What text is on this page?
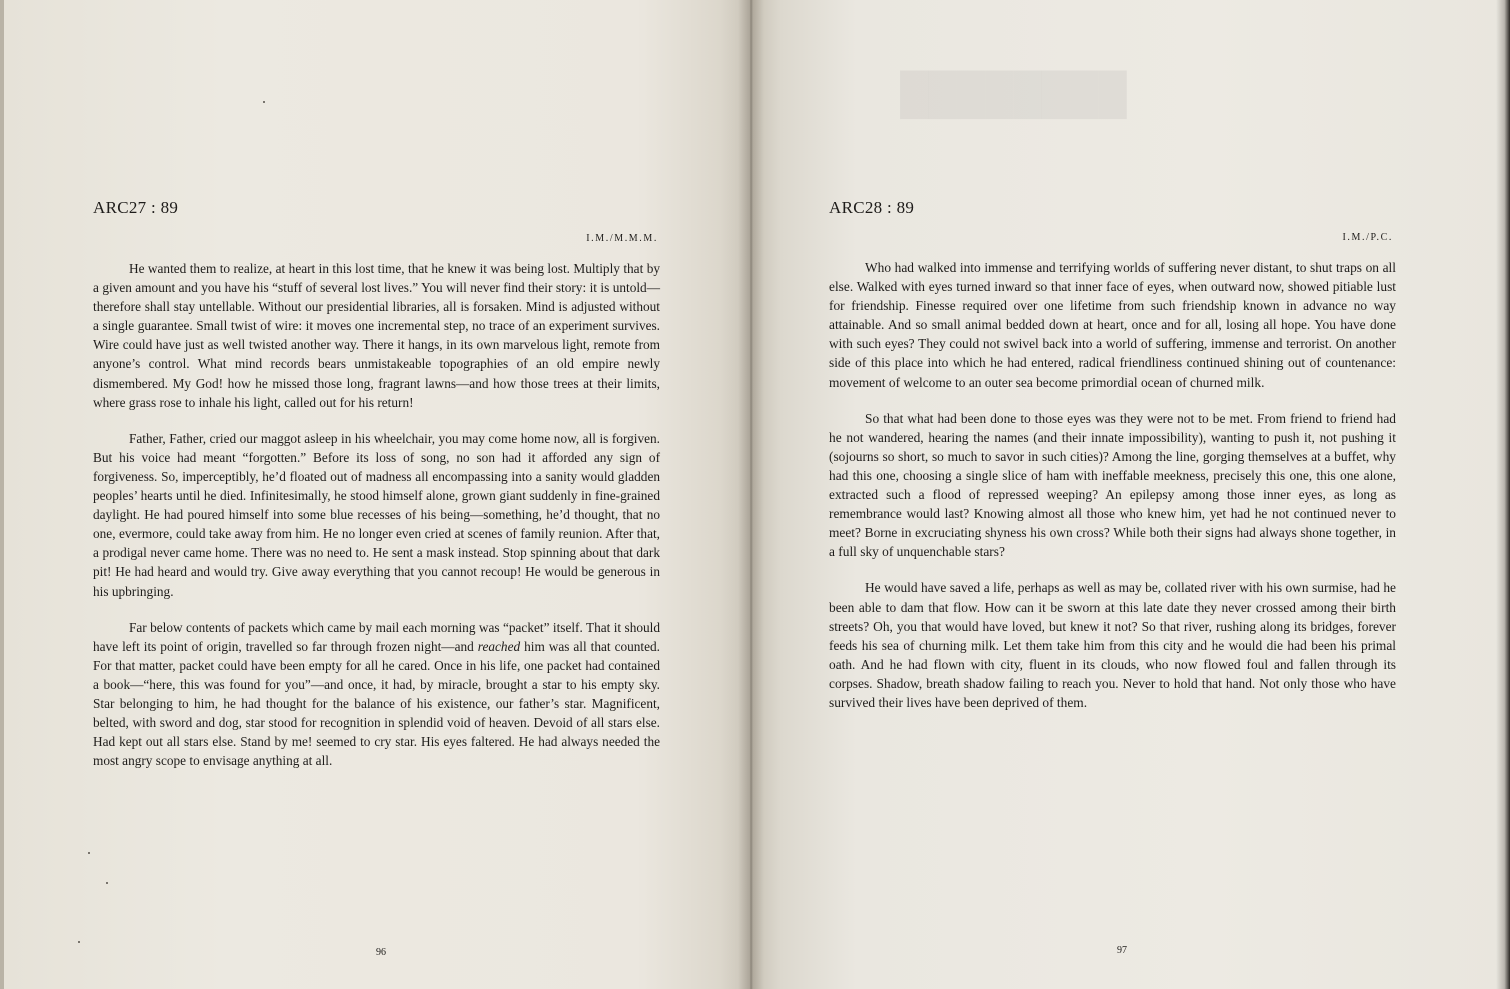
ARC27 : 89
I.M./M.M.M.

He wanted them to realize, at heart in this lost time, that he knew it was being lost. Multiply that by a given amount and you have his “stuff of several lost lives.” You will never find their story: it is untold—therefore shall stay untellable. Without our presidential libraries, all is forsaken. Mind is adjusted without a single guarantee. Small twist of wire: it moves one incremental step, no trace of an experiment survives. Wire could have just as well twisted another way. There it hangs, in its own marvelous light, remote from anyone’s control. What mind records bears unmistakeable topographies of an old empire newly dismembered. My God! how he missed those long, fragrant lawns—and how those trees at their limits, where grass rose to inhale his light, called out for his return!

Father, Father, cried our maggot asleep in his wheelchair, you may come home now, all is forgiven. But his voice had meant “forgotten.” Before its loss of song, no son had it afforded any sign of forgiveness. So, imperceptibly, he’d floated out of madness all encompassing into a sanity would gladden peoples’ hearts until he died. Infinitesimally, he stood himself alone, grown giant suddenly in fine-grained daylight. He had poured himself into some blue recesses of his being—something, he’d thought, that no one, evermore, could take away from him. He no longer even cried at scenes of family reunion. After that, a prodigal never came home. There was no need to. He sent a mask instead. Stop spinning about that dark pit! He had heard and would try. Give away everything that you cannot recoup! He would be generous in his upbringing.

Far below contents of packets which came by mail each morning was “packet” itself. That it should have left its point of origin, travelled so far through frozen night—and reached him was all that counted. For that matter, packet could have been empty for all he cared. Once in his life, one packet had contained a book—“here, this was found for you”—and once, it had, by miracle, brought a star to his empty sky. Star belonging to him, he had thought for the balance of his existence, our father’s star. Magnificent, belted, with sword and dog, star stood for recognition in splendid void of heaven. Devoid of all stars else. Had kept out all stars else. Stand by me! seemed to cry star. His eyes faltered. He had always needed the most angry scope to envisage anything at all.

96
████████
ARC28 : 89
I.M./P.C.

Who had walked into immense and terrifying worlds of suffering never distant, to shut traps on all else. Walked with eyes turned inward so that inner face of eyes, when outward now, showed pitiable lust for friendship. Finesse required over one lifetime from such friendship known in advance no way attainable. And so small animal bedded down at heart, once and for all, losing all hope. You have done with such eyes? They could not swivel back into a world of suffering, immense and terrorist. On another side of this place into which he had entered, radical friendliness continued shining out of countenance: movement of welcome to an outer sea become primordial ocean of churned milk.

So that what had been done to those eyes was they were not to be met. From friend to friend had he not wandered, hearing the names (and their innate impossibility), wanting to push it, not pushing it (sojourns so short, so much to savor in such cities)? Among the line, gorging themselves at a buffet, why had this one, choosing a single slice of ham with ineffable meekness, precisely this one, this one alone, extracted such a flood of repressed weeping? An epilepsy among those inner eyes, as long as remembrance would last? Knowing almost all those who knew him, yet had he not continued never to meet? Borne in excruciating shyness his own cross? While both their signs had always shone together, in a full sky of unquenchable stars?

He would have saved a life, perhaps as well as may be, collated river with his own surmise, had he been able to dam that flow. How can it be sworn at this late date they never crossed among their birth streets? Oh, you that would have loved, but knew it not? So that river, rushing along its bridges, forever feeds his sea of churning milk. Let them take him from this city and he would die had been his primal oath. And he had flown with city, fluent in its clouds, who now flowed foul and fallen through its corpses. Shadow, breath shadow failing to reach you. Never to hold that hand. Not only those who have survived their lives have been deprived of them.

97
